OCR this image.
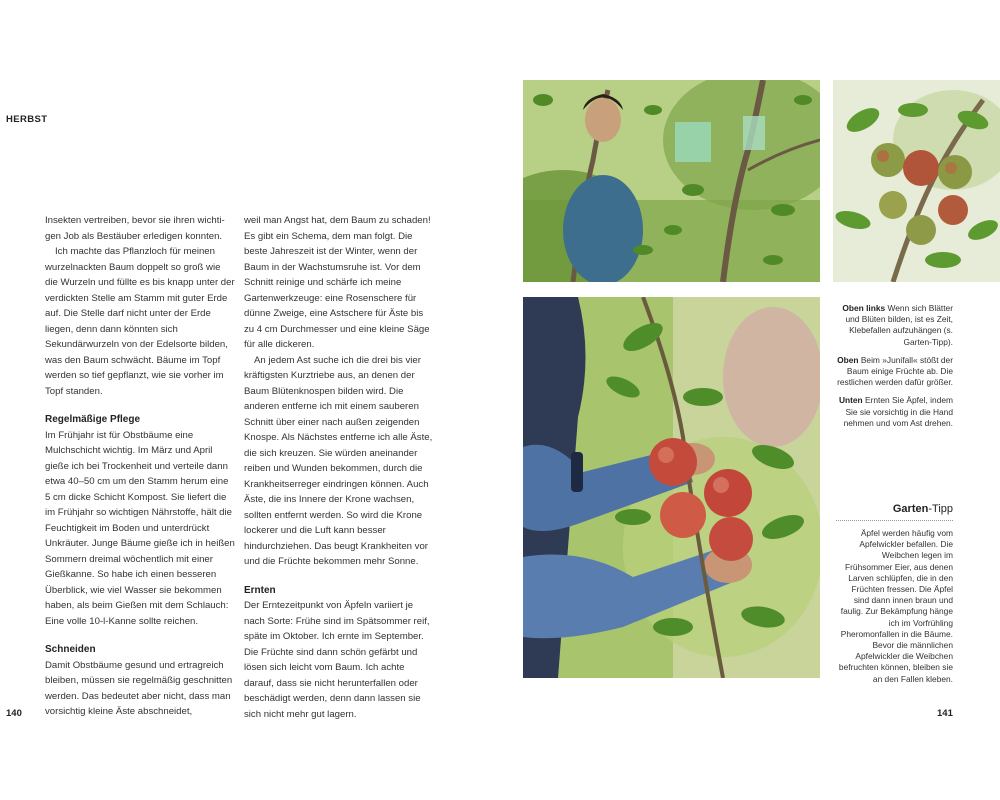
HERBST

Insekten vertreiben, bevor sie ihren wichti-

gen Job als Bestäuber erledigen konnten.

Ich machte das Pflanzloch für meinen wurzelnackten Baum doppelt so groß wie die Wurzeln und füllte es bis knapp unter der verdickten Stelle am Stamm mit guter Erde auf. Die Stelle darf nicht unter der Erde liegen, denn dann könnten sich Sekundärwurzeln von der Edelsorte bilden, was den Baum schwächt. Bäume im Topf werden so tief gepflanzt, wie sie vorher im Topf standen.

Regelmäßige Pflege

Im Frühjahr ist für Obstbäume eine Mulchschicht wichtig. Im März und April gieße ich bei Trockenheit und verteile dann etwa 40–50 cm um den Stamm herum eine 5 cm dicke Schicht Kompost. Sie liefert die im Frühjahr so wichtigen Nährstoffe, hält die Feuchtigkeit im Boden und unterdrückt Unkräuter. Junge Bäume gieße ich in heißen Sommern dreimal wöchentlich mit einer Gießkanne. So habe ich einen besseren Überblick, wie viel Wasser sie bekommen haben, als beim Gießen mit dem Schlauch: Eine volle 10-l-Kanne sollte reichen.

Schneiden

Damit Obstbäume gesund und ertragreich bleiben, müssen sie regelmäßig geschnitten werden. Das bedeutet aber nicht, dass man vorsichtig kleine Äste abschneidet,

weil man Angst hat, dem Baum zu schaden! Es gibt ein Schema, dem man folgt. Die beste Jahreszeit ist der Winter, wenn der Baum in der Wachstumsruhe ist. Vor dem Schnitt reinige und schärfe ich meine Gartenwerkzeuge: eine Rosenschere für dünne Zweige, eine Astschere für Äste bis zu 4 cm Durchmesser und eine kleine Säge für alle dickeren.

An jedem Ast suche ich die drei bis vier kräftigsten Kurztriebe aus, an denen der Baum Blütenknospen bilden wird. Die anderen entferne ich mit einem sauberen Schnitt über einer nach außen zeigenden Knospe. Als Nächstes entferne ich alle Äste, die sich kreuzen. Sie würden aneinander reiben und Wunden bekommen, durch die Krankheitserreger eindringen können. Auch Äste, die ins Innere der Krone wachsen, sollten entfernt werden. So wird die Krone lockerer und die Luft kann besser hindurchziehen. Das beugt Krankheiten vor und die Früchte bekommen mehr Sonne.

Ernten

Der Erntezeitpunkt von Äpfeln variiert je nach Sorte: Frühe sind im Spätsommer reif, späte im Oktober. Ich ernte im September. Die Früchte sind dann schön gefärbt und lösen sich leicht vom Baum. Ich achte darauf, dass sie nicht herunterfallen oder beschädigt werden, denn dann lassen sie sich nicht mehr gut lagern.

Oben links Wenn sich Blätter und Blüten bilden, ist es Zeit, Klebefallen aufzuhängen (s. Garten-Tipp).

Oben Beim »Junifall« stößt der Baum einige Früchte ab. Die restlichen werden dafür größer.

Unten Ernten Sie Äpfel, indem Sie sie vorsichtig in die Hand nehmen und vom Ast drehen.

Garten-Tipp
Äpfel werden häufig vom Apfelwickler befallen. Die Weibchen legen im Frühsommer Eier, aus denen Larven schlüpfen, die in den Früchten fressen. Die Äpfel sind dann innen braun und faulig. Zur Bekämpfung hänge ich im Vorfrühling Pheromonfallen in die Bäume. Bevor die männlichen Apfelwickler die Weibchen befruchten können, bleiben sie an den Fallen kleben.
140	141
